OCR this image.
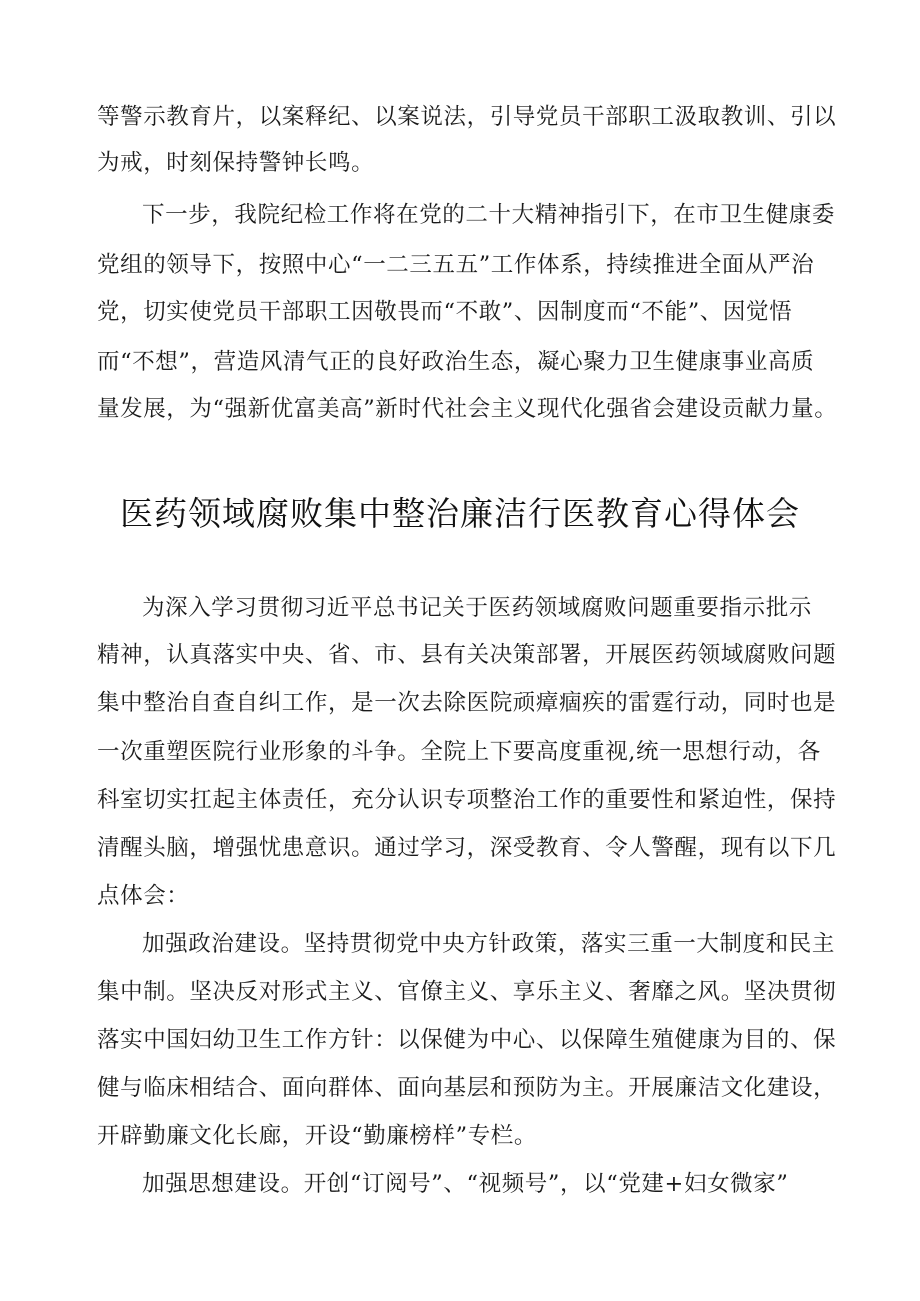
等警示教育片，以案释纪、以案说法，引导党员干部职工汲取教训、引以
为戒，时刻保持警钟长鸣。
下一步，我院纪检工作将在党的二十大精神指引下，在市卫生健康委
党组的领导下，按照中心“一二三五五”工作体系，持续推进全面从严治
党，切实使党员干部职工因敬畏而“不敢”、因制度而“不能”、因觉悟
而“不想”，营造风清气正的良好政治生态，凝心聚力卫生健康事业高质
量发展，为“强新优富美高”新时代社会主义现代化强省会建设贡献力量。
医药领域腐败集中整治廉洁行医教育心得体会
为深入学习贯彻习近平总书记关于医药领域腐败问题重要指示批示
精神，认真落实中央、省、市、县有关决策部署，开展医药领域腐败问题
集中整治自查自纠工作，是一次去除医院顽瘴痼疾的雷霆行动，同时也是
一次重塑医院行业形象的斗争。全院上下要高度重视,统一思想行动，各
科室切实扛起主体责任，充分认识专项整治工作的重要性和紧迫性，保持
清醒头脑，增强忧患意识。通过学习，深受教育、令人警醒，现有以下几
点体会：
加强政治建设。坚持贯彻党中央方针政策，落实三重一大制度和民主
集中制。坚决反对形式主义、官僚主义、享乐主义、奢靡之风。坚决贯彻
落实中国妇幼卫生工作方针：以保健为中心、以保障生殖健康为目的、保
健与临床相结合、面向群体、面向基层和预防为主。开展廉洁文化建设，
开辟勤廉文化长廊，开设“勤廉榜样”专栏。
加强思想建设。开创“订阅号”、“视频号”，以“党建+妇女微家”
